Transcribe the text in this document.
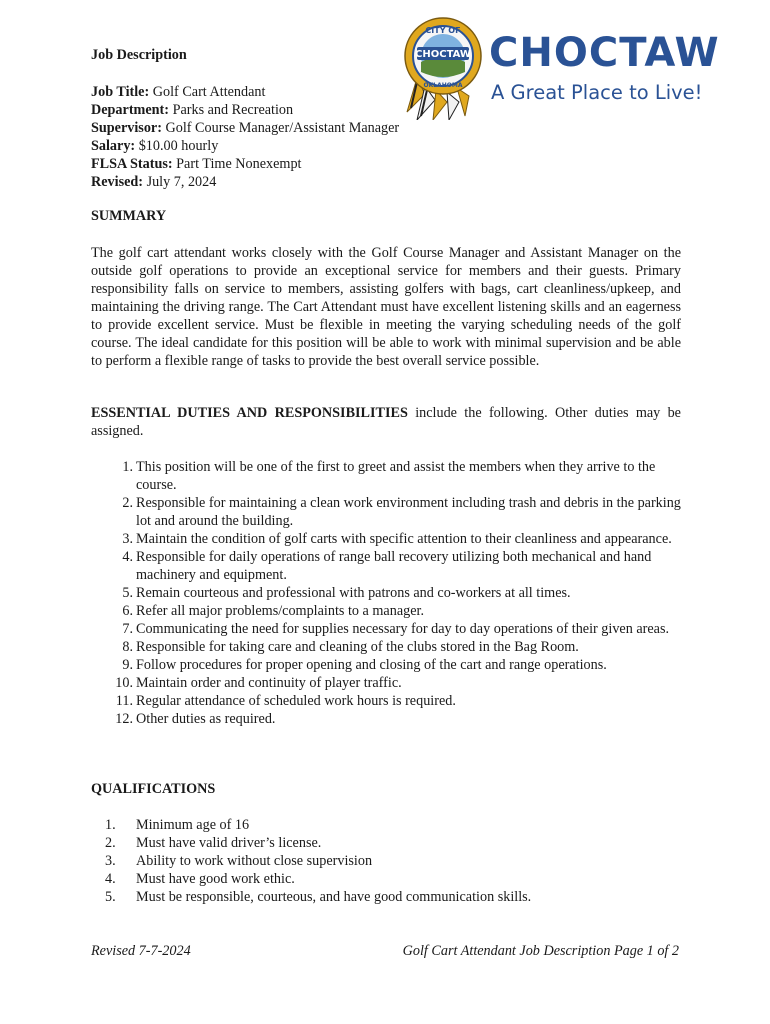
Job Description	CHOCTAW
CITY OF
OKLAHOMA
CHOCTAW
A Great Place to Live!
Job Title: Golf Cart Attendant
Department: Parks and Recreation
Supervisor: Golf Course Manager/Assistant Manager
Salary: $10.00 hourly
FLSA Status: Part Time Nonexempt
Revised: July 7, 2024
SUMMARY
The golf cart attendant works closely with the Golf Course Manager and Assistant Manager on the outside golf operations to provide an exceptional service for members and their guests. Primary responsibility falls on service to members, assisting golfers with bags, cart cleanliness/upkeep, and maintaining the driving range. The Cart Attendant must have excellent listening skills and an eagerness to provide excellent service. Must be flexible in meeting the varying scheduling needs of the golf course. The ideal candidate for this position will be able to work with minimal supervision and be able to perform a flexible range of tasks to provide the best overall service possible.
ESSENTIAL DUTIES AND RESPONSIBILITIES include the following. Other duties may be assigned.
1. This position will be one of the first to greet and assist the members when they arrive to the course.
2. Responsible for maintaining a clean work environment including trash and debris in the parking lot and around the building.
3. Maintain the condition of golf carts with specific attention to their cleanliness and appearance.
4. Responsible for daily operations of range ball recovery utilizing both mechanical and hand machinery and equipment.
5. Remain courteous and professional with patrons and co-workers at all times.
6. Refer all major problems/complaints to a manager.
7. Communicating the need for supplies necessary for day to day operations of their given areas.
8. Responsible for taking care and cleaning of the clubs stored in the Bag Room.
9. Follow procedures for proper opening and closing of the cart and range operations.
10. Maintain order and continuity of player traffic.
11. Regular attendance of scheduled work hours is required.
12. Other duties as required.
QUALIFICATIONS
1.	Minimum age of 16
2.	Must have valid driver’s license.
3.	Ability to work without close supervision
4.	Must have good work ethic.
5.	Must be responsible, courteous, and have good communication skills.
Revised 7-7-2024	Golf Cart Attendant Job Description Page 1 of 2
